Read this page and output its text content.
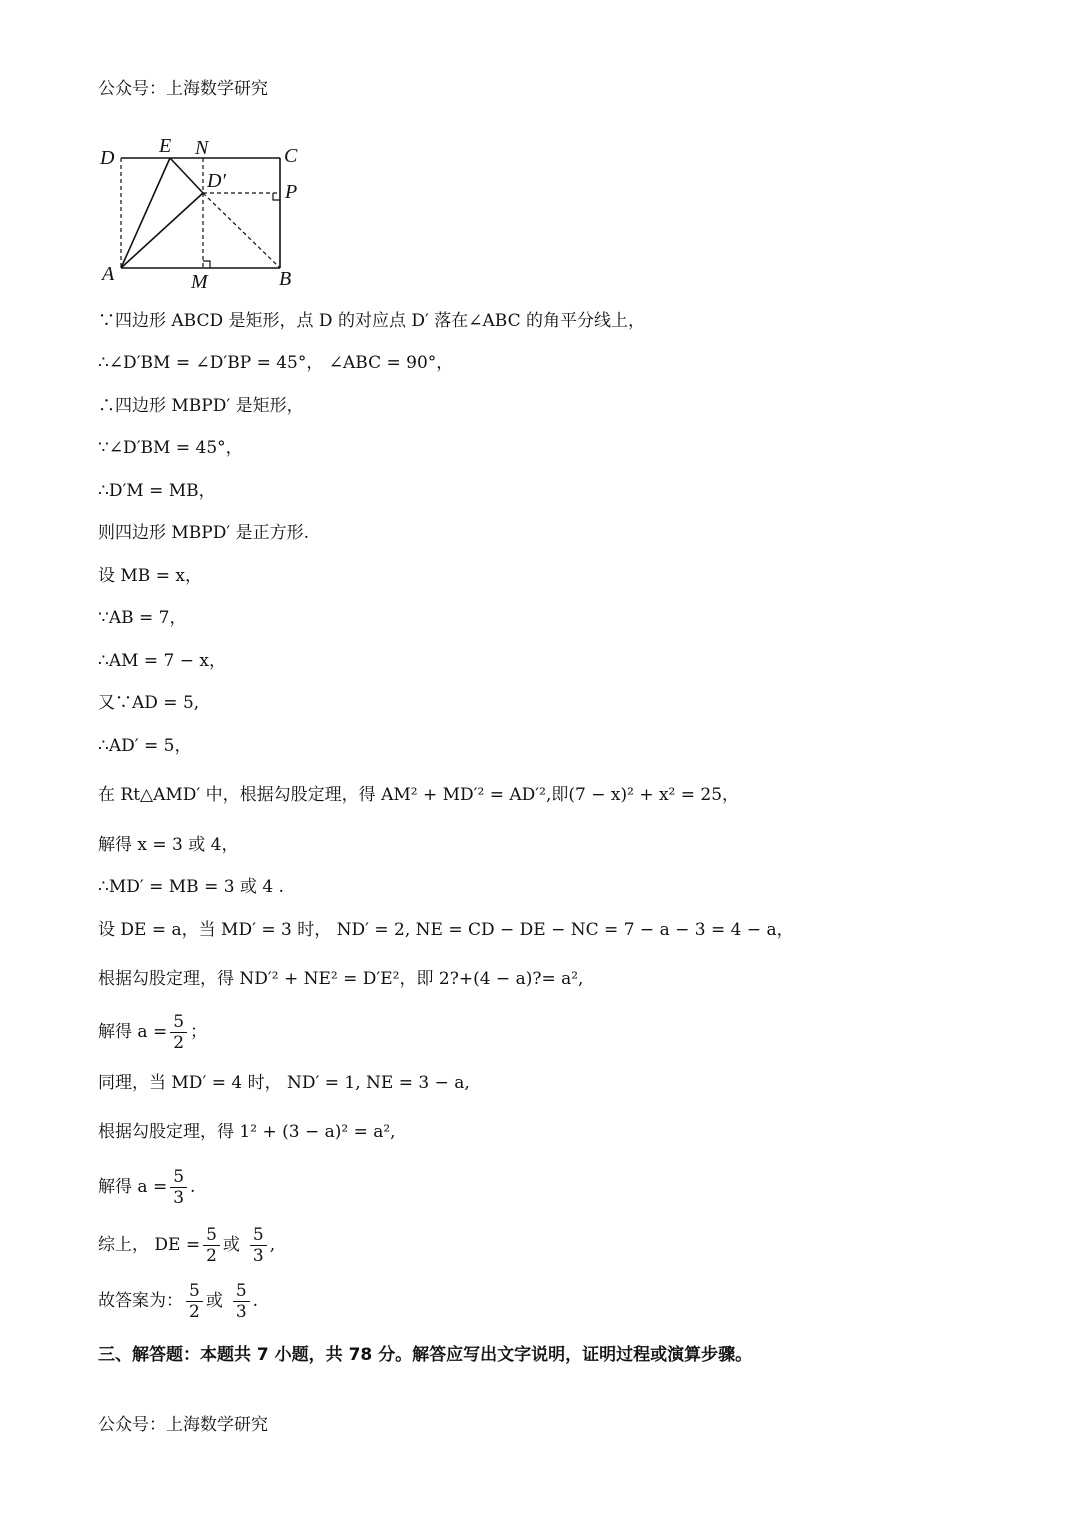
公众号：上海数学研究
D
E N	C
D′	P
A	M	B
∵四边形 ABCD 是矩形，点 D 的对应点 D′ 落在∠ABC 的角平分线上，
∴∠D′BM = ∠D′BP = 45°， ∠ABC = 90°，
∴四边形 MBPD′ 是矩形，
∵∠D′BM = 45°，
∴D′M = MB，
则四边形 MBPD′ 是正方形.
设 MB = x，
∵AB = 7，
∴AM = 7 − x，
又∵AD = 5,
∴AD′ = 5，
在 Rt△AMD′ 中，根据勾股定理，得 AM² + MD′² = AD′²,即(7 − x)² + x² = 25，
解得 x = 3 或 4，
∴MD′ = MB = 3 或 4 .
设 DE = a，当 MD′ = 3 时， ND′ = 2, NE = CD − DE − NC = 7 − a − 3 = 4 − a，
根据勾股定理，得 ND′² + NE² = D′E²，即 2?+(4 − a)?= a²,
解得 $a = \frac{5}{2}$ ；
同理，当 MD′ = 4 时， ND′ = 1, NE = 3 − a,
根据勾股定理，得 1² + (3 − a)² = a²,
解得 $a = \frac{5}{3}$ .
综上， DE = $\frac{5}{2}$ 或 $\frac{5}{3}$ ,
故答案为： $\frac{5}{2}$ 或 $\frac{5}{3}$ .
三、解答题：本题共 7 小题，共 78 分。解答应写出文字说明，证明过程或演算步骤。
公众号：上海数学研究
